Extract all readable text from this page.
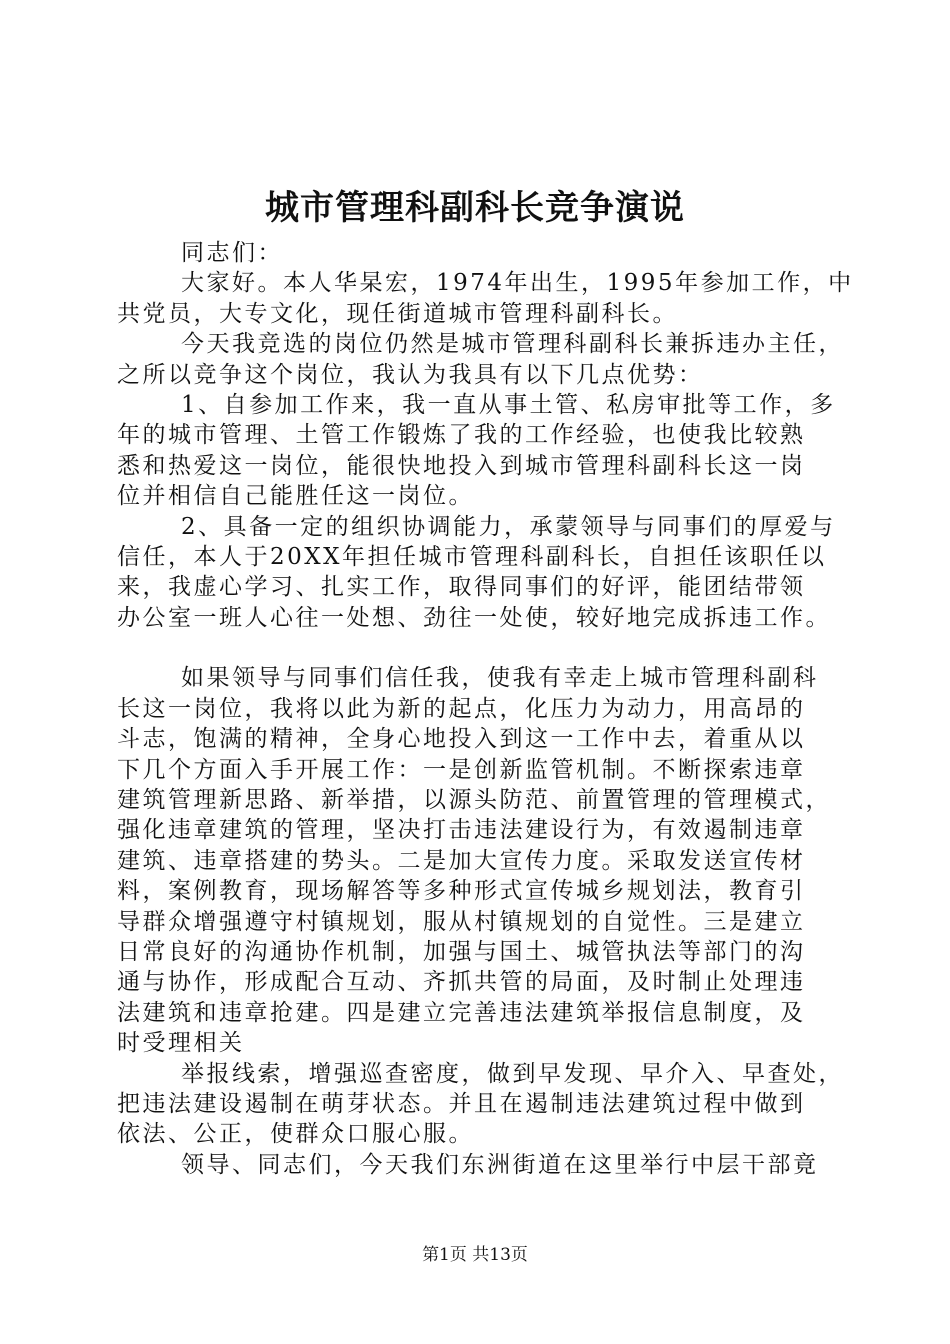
城市管理科副科长竞争演说
同志们：
大家好。本人华杲宏，1974年出生，1995年参加工作，中
共党员，大专文化，现任街道城市管理科副科长。
今天我竞选的岗位仍然是城市管理科副科长兼拆违办主任，
之所以竞争这个岗位，我认为我具有以下几点优势：
1、自参加工作来，我一直从事土管、私房审批等工作，多
年的城市管理、土管工作锻炼了我的工作经验，也使我比较熟
悉和热爱这一岗位，能很快地投入到城市管理科副科长这一岗
位并相信自己能胜任这一岗位。
2、具备一定的组织协调能力，承蒙领导与同事们的厚爱与
信任，本人于20XX年担任城市管理科副科长，自担任该职任以
来，我虚心学习、扎实工作，取得同事们的好评，能团结带领
办公室一班人心往一处想、劲往一处使，较好地完成拆违工作。
如果领导与同事们信任我，使我有幸走上城市管理科副科
长这一岗位，我将以此为新的起点，化压力为动力，用高昂的
斗志，饱满的精神，全身心地投入到这一工作中去，着重从以
下几个方面入手开展工作：一是创新监管机制。不断探索违章
建筑管理新思路、新举措，以源头防范、前置管理的管理模式，
强化违章建筑的管理，坚决打击违法建设行为，有效遏制违章
建筑、违章搭建的势头。二是加大宣传力度。采取发送宣传材
料，案例教育，现场解答等多种形式宣传城乡规划法，教育引
导群众增强遵守村镇规划，服从村镇规划的自觉性。三是建立
日常良好的沟通协作机制，加强与国土、城管执法等部门的沟
通与协作，形成配合互动、齐抓共管的局面，及时制止处理违
法建筑和违章抢建。四是建立完善违法建筑举报信息制度，及
时受理相关
举报线索，增强巡查密度，做到早发现、早介入、早查处，
把违法建设遏制在萌芽状态。并且在遏制违法建筑过程中做到
依法、公正，使群众口服心服。
领导、同志们，今天我们东洲街道在这里举行中层干部竟
第1页 共13页
